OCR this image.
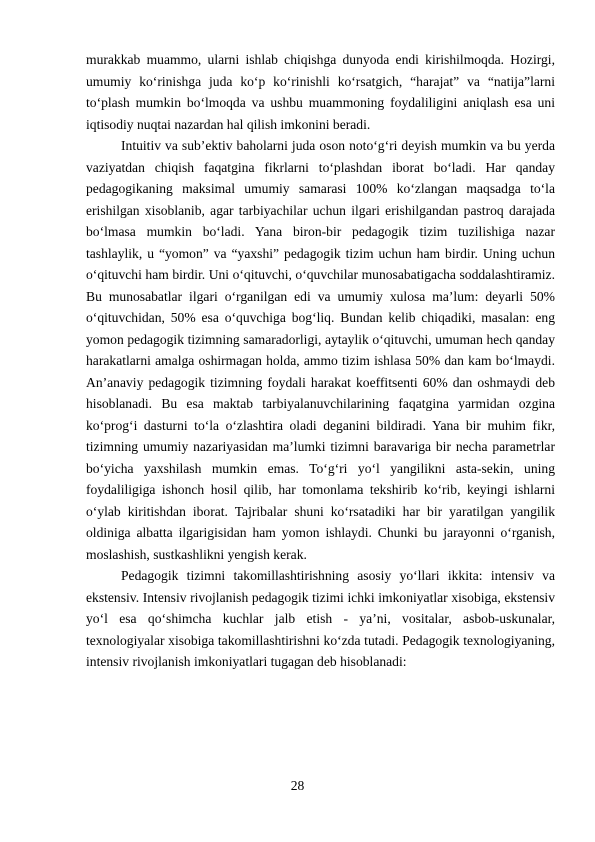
murakkab muammo, ularni ishlab chiqishga dunyoda endi kirishilmoqda. Hozirgi, umumiy ko‘rinishga juda ko‘p ko‘rinishli ko‘rsatgich, “harajat” va “natija”larni to‘plash mumkin bo‘lmoqda va ushbu muammoning foydaliligini aniqlash esa uni iqtisodiy nuqtai nazardan hal qilish imkonini beradi.

Intuitiv va sub’ektiv baholarni juda oson noto‘g‘ri deyish mumkin va bu yerda vaziyatdan chiqish faqatgina fikrlarni to‘plashdan iborat bo‘ladi. Har qanday pedagogikaning maksimal umumiy samarasi 100% ko‘zlangan maqsadga to‘la erishilgan xisoblanib, agar tarbiyachilar uchun ilgari erishilgandan pastroq darajada bo‘lmasa mumkin bo‘ladi. Yana biron-bir pedagogik tizim tuzilishiga nazar tashlaylik, u “yomon” va “yaxshi” pedagogik tizim uchun ham birdir. Uning uchun o‘qituvchi ham birdir. Uni o‘qituvchi, o‘quvchilar munosabatigacha soddalashtiramiz. Bu munosabatlar ilgari o‘rganilgan edi va umumiy xulosa ma’lum: deyarli 50% o‘qituvchidan, 50% esa o‘quvchiga bog‘liq. Bundan kelib chiqadiki, masalan: eng yomon pedagogik tizimning samaradorligi, aytaylik o‘qituvchi, umuman hech qanday harakatlarni amalga oshirmagan holda, ammo tizim ishlasa 50% dan kam bo‘lmaydi. An’anaviy pedagogik tizimning foydali harakat koeffitsenti 60% dan oshmaydi deb hisoblanadi. Bu esa maktab tarbiyalanuvchilarining faqatgina yarmidan ozgina ko‘prog‘i dasturni to‘la o‘zlashtira oladi deganini bildiradi. Yana bir muhim fikr, tizimning umumiy nazariyasidan ma’lumki tizimni baravariga bir necha parametrlar bo‘yicha yaxshilash mumkin emas. To‘g‘ri yo‘l yangilikni asta-sekin, uning foydaliligiga ishonch hosil qilib, har tomonlama tekshirib ko‘rib, keyingi ishlarni o‘ylab kiritishdan iborat. Tajribalar shuni ko‘rsatadiki har bir yaratilgan yangilik oldiniga albatta ilgarigisidan ham yomon ishlaydi. Chunki bu jarayonni o‘rganish, moslashish, sustkashlikni yengish kerak.

Pedagogik tizimni takomillashtirishning asosiy yo‘llari ikkita: intensiv va ekstensiv. Intensiv rivojlanish pedagogik tizimi ichki imkoniyatlar xisobiga, ekstensiv yo‘l esa qo‘shimcha kuchlar jalb etish - ya’ni, vositalar, asbob-uskunalar, texnologiyalar xisobiga takomillashtirishni ko‘zda tutadi. Pedagogik texnologiyaning, intensiv rivojlanish imkoniyatlari tugagan deb hisoblanadi:

28
